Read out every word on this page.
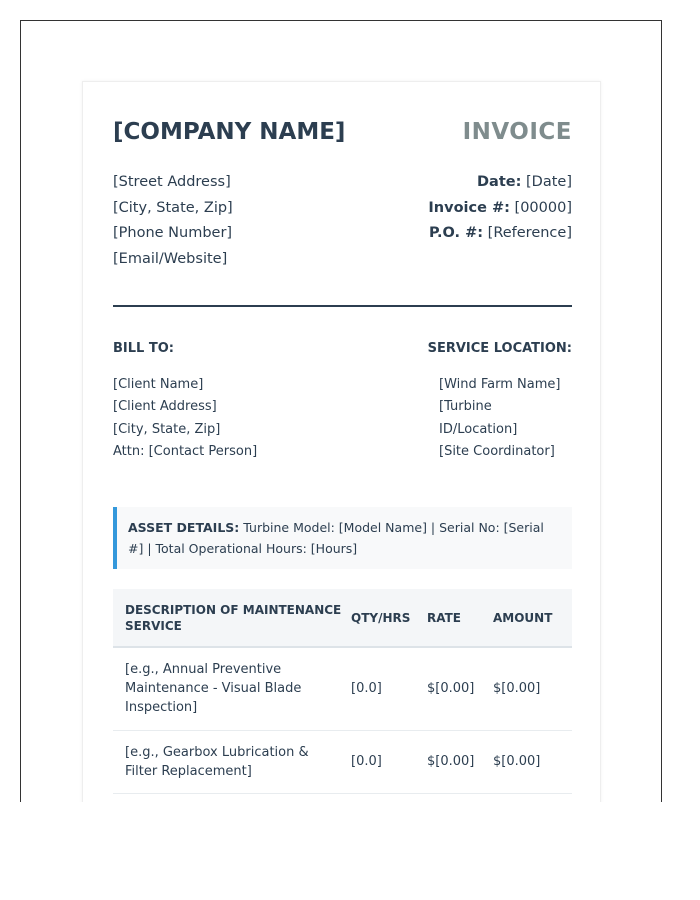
[COMPANY NAME]	INVOICE
[Street Address]
[City, State, Zip]
[Phone Number]
[Email/Website]
Date: [Date]
Invoice #: [00000]
P.O. #: [Reference]
BILL TO:	SERVICE LOCATION:
[Client Name]
[Client Address]
[City, State, Zip]
Attn: [Contact Person]
[Wind Farm Name]
[Turbine ID/Location]
[Site Coordinator]
ASSET DETAILS: Turbine Model: [Model Name] | Serial No: [Serial #] | Total Operational Hours: [Hours]
DESCRIPTION OF MAINTENANCE SERVICE	QTY/HRS	RATE	AMOUNT
[e.g., Annual Preventive Maintenance - Visual Blade Inspection]	[0.0]	$[0.00]	$[0.00]
[e.g., Gearbox Lubrication & Filter Replacement]	[0.0]	$[0.00]	$[0.00]
